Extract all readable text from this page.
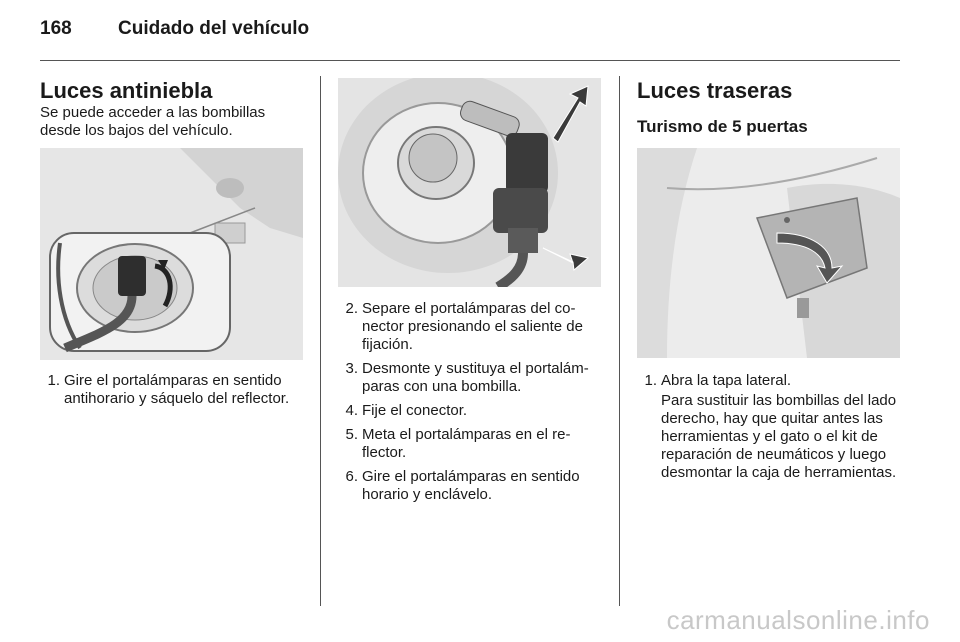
168 Cuidado del vehículo
Luces antiniebla

Se puede acceder a las bombillas desde los bajos del vehículo.

1. Gire el portalámparas en sentido antihorario y sáquelo del reflector.
2. Separe el portalámparas del conector presionando el saliente de fijación.
3. Desmonte y sustituya el portalámparas con una bombilla.
4. Fije el conector.
5. Meta el portalámparas en el reflector.
6. Gire el portalámparas en sentido horario y enclávelo.
Luces traseras
Turismo de 5 puertas
1. Abra la tapa lateral.

Para sustituir las bombillas del lado derecho, hay que quitar antes las herramientas y el gato o el kit de reparación de neumáticos y luego desmontar la caja de herramientas.

carmanualsonline.info
